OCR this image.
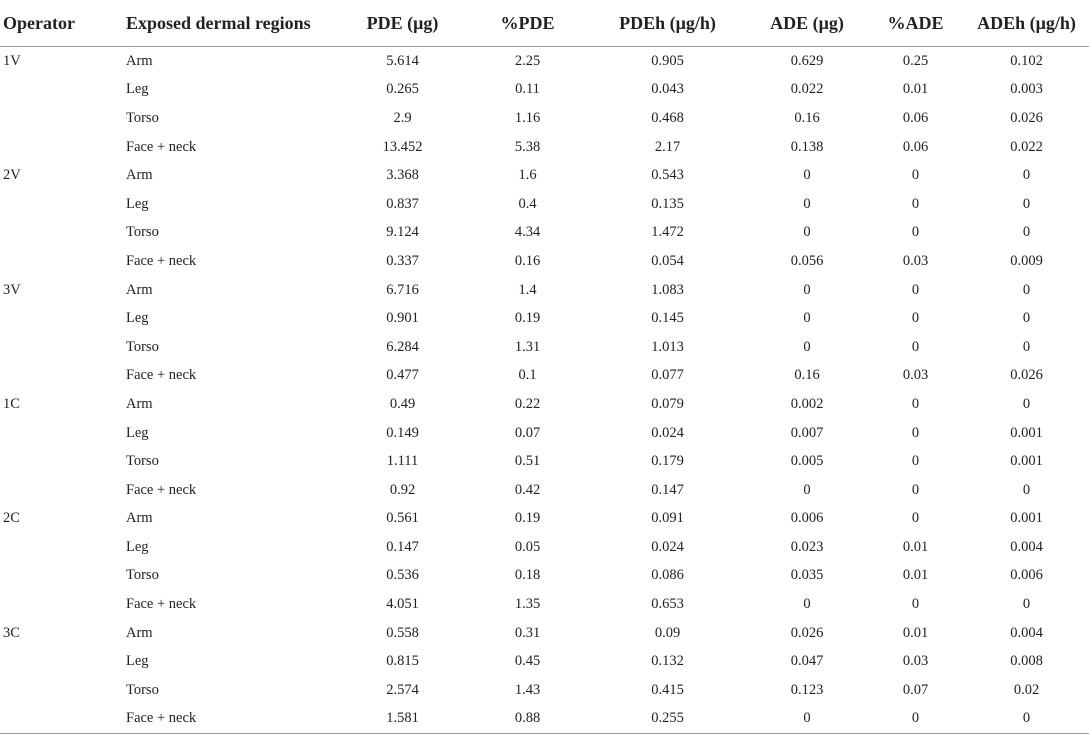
Operator	Exposed dermal regions	PDE (μg)	%PDE	PDEh (μg/h)	ADE (μg)	%ADE	ADEh (μg/h)
1V	Arm	5.614	2.25	0.905	0.629	0.25	0.102
	Leg	0.265	0.11	0.043	0.022	0.01	0.003
	Torso	2.9	1.16	0.468	0.16	0.06	0.026
	Face + neck	13.452	5.38	2.17	0.138	0.06	0.022
2V	Arm	3.368	1.6	0.543	0	0	0
	Leg	0.837	0.4	0.135	0	0	0
	Torso	9.124	4.34	1.472	0	0	0
	Face + neck	0.337	0.16	0.054	0.056	0.03	0.009
3V	Arm	6.716	1.4	1.083	0	0	0
	Leg	0.901	0.19	0.145	0	0	0
	Torso	6.284	1.31	1.013	0	0	0
	Face + neck	0.477	0.1	0.077	0.16	0.03	0.026
1C	Arm	0.49	0.22	0.079	0.002	0	0
	Leg	0.149	0.07	0.024	0.007	0	0.001
	Torso	1.111	0.51	0.179	0.005	0	0.001
	Face + neck	0.92	0.42	0.147	0	0	0
2C	Arm	0.561	0.19	0.091	0.006	0	0.001
	Leg	0.147	0.05	0.024	0.023	0.01	0.004
	Torso	0.536	0.18	0.086	0.035	0.01	0.006
	Face + neck	4.051	1.35	0.653	0	0	0
3C	Arm	0.558	0.31	0.09	0.026	0.01	0.004
	Leg	0.815	0.45	0.132	0.047	0.03	0.008
	Torso	2.574	1.43	0.415	0.123	0.07	0.02
	Face + neck	1.581	0.88	0.255	0	0	0
